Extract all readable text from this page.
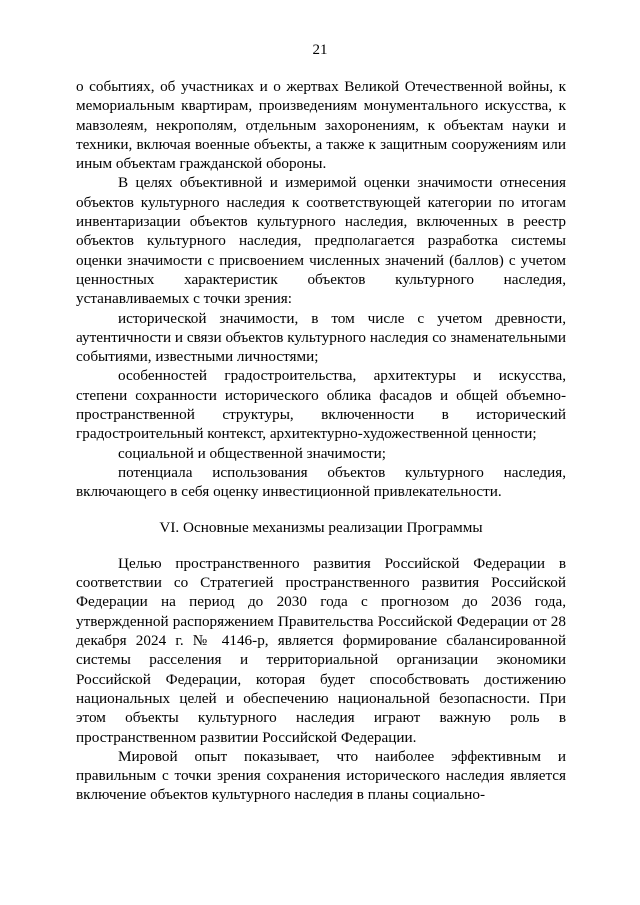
21

о событиях, об участниках и о жертвах Великой Отечественной войны, к мемориальным квартирам, произведениям монументального искусства, к мавзолеям, некрополям, отдельным захоронениям, к объектам науки и техники, включая военные объекты, а также к защитным сооружениям или иным объектам гражданской обороны.

В целях объективной и измеримой оценки значимости отнесения объектов культурного наследия к соответствующей категории по итогам инвентаризации объектов культурного наследия, включенных в реестр объектов культурного наследия, предполагается разработка системы оценки значимости с присвоением численных значений (баллов) с учетом ценностных характеристик объектов культурного наследия, устанавливаемых с точки зрения:

исторической значимости, в том числе с учетом древности, аутентичности и связи объектов культурного наследия со знаменательными событиями, известными личностями;

особенностей градостроительства, архитектуры и искусства, степени сохранности исторического облика фасадов и общей объемно-пространственной структуры, включенности в исторический градостроительный контекст, архитектурно-художественной ценности;

социальной и общественной значимости;

потенциала использования объектов культурного наследия, включающего в себя оценку инвестиционной привлекательности.

VI. Основные механизмы реализации Программы

Целью пространственного развития Российской Федерации в соответствии со Стратегией пространственного развития Российской Федерации на период до 2030 года с прогнозом до 2036 года, утвержденной распоряжением Правительства Российской Федерации от 28 декабря 2024 г. № 4146-р, является формирование сбалансированной системы расселения и территориальной организации экономики Российской Федерации, которая будет способствовать достижению национальных целей и обеспечению национальной безопасности. При этом объекты культурного наследия играют важную роль в пространственном развитии Российской Федерации.

Мировой опыт показывает, что наиболее эффективным и правильным с точки зрения сохранения исторического наследия является включение объектов культурного наследия в планы социально-
